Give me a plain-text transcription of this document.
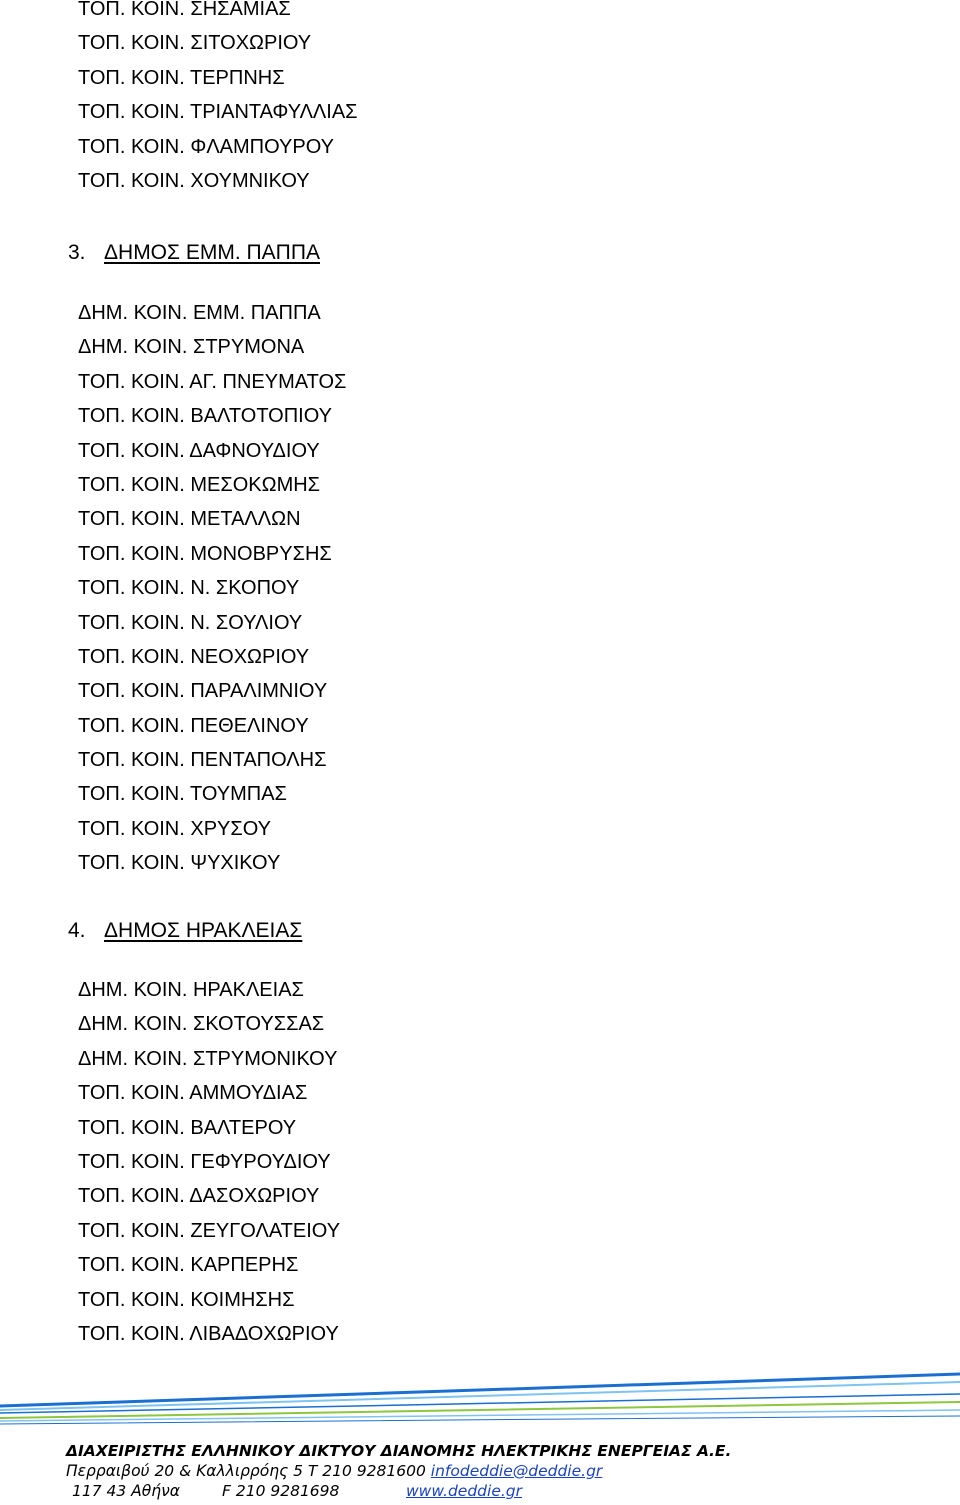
ΤΟΠ. ΚΟΙΝ. ΣΗΣΑΜΙΑΣ
ΤΟΠ. ΚΟΙΝ. ΣΙΤΟΧΩΡΙΟΥ
ΤΟΠ. ΚΟΙΝ. ΤΕΡΠΝΗΣ
ΤΟΠ. ΚΟΙΝ. ΤΡΙΑΝΤΑΦΥΛΛΙΑΣ
ΤΟΠ. ΚΟΙΝ. ΦΛΑΜΠΟΥΡΟΥ
ΤΟΠ. ΚΟΙΝ. ΧΟΥΜΝΙΚΟΥ
3. ΔΗΜΟΣ ΕΜΜ. ΠΑΠΠΑ
ΔΗΜ. ΚΟΙΝ. ΕΜΜ. ΠΑΠΠΑ
ΔΗΜ. ΚΟΙΝ. ΣΤΡΥΜΟΝΑ
ΤΟΠ. ΚΟΙΝ. ΑΓ. ΠΝΕΥΜΑΤΟΣ
ΤΟΠ. ΚΟΙΝ. ΒΑΛΤΟΤΟΠΙΟΥ
ΤΟΠ. ΚΟΙΝ. ΔΑΦΝΟΥΔΙΟΥ
ΤΟΠ. ΚΟΙΝ. ΜΕΣΟΚΩΜΗΣ
ΤΟΠ. ΚΟΙΝ. ΜΕΤΑΛΛΩΝ
ΤΟΠ. ΚΟΙΝ. ΜΟΝΟΒΡΥΣΗΣ
ΤΟΠ. ΚΟΙΝ. Ν. ΣΚΟΠΟΥ
ΤΟΠ. ΚΟΙΝ. Ν. ΣΟΥΛΙΟΥ
ΤΟΠ. ΚΟΙΝ. ΝΕΟΧΩΡΙΟΥ
ΤΟΠ. ΚΟΙΝ. ΠΑΡΑΛΙΜΝΙΟΥ
ΤΟΠ. ΚΟΙΝ. ΠΕΘΕΛΙΝΟΥ
ΤΟΠ. ΚΟΙΝ. ΠΕΝΤΑΠΟΛΗΣ
ΤΟΠ. ΚΟΙΝ. ΤΟΥΜΠΑΣ
ΤΟΠ. ΚΟΙΝ. ΧΡΥΣΟΥ
ΤΟΠ. ΚΟΙΝ. ΨΥΧΙΚΟΥ
4. ΔΗΜΟΣ ΗΡΑΚΛΕΙΑΣ
ΔΗΜ. ΚΟΙΝ. ΗΡΑΚΛΕΙΑΣ
ΔΗΜ. ΚΟΙΝ. ΣΚΟΤΟΥΣΣΑΣ
ΔΗΜ. ΚΟΙΝ. ΣΤΡΥΜΟΝΙΚΟΥ
ΤΟΠ. ΚΟΙΝ. ΑΜΜΟΥΔΙΑΣ
ΤΟΠ. ΚΟΙΝ. ΒΑΛΤΕΡΟΥ
ΤΟΠ. ΚΟΙΝ. ΓΕΦΥΡΟΥΔΙΟΥ
ΤΟΠ. ΚΟΙΝ. ΔΑΣΟΧΩΡΙΟΥ
ΤΟΠ. ΚΟΙΝ. ΖΕΥΓΟΛΑΤΕΙΟΥ
ΤΟΠ. ΚΟΙΝ. ΚΑΡΠΕΡΗΣ
ΤΟΠ. ΚΟΙΝ. ΚΟΙΜΗΣΗΣ
ΤΟΠ. ΚΟΙΝ. ΛΙΒΑΔΟΧΩΡΙΟΥ
ΔΙΑΧΕΙΡΙΣΤΗΣ ΕΛΛΗΝΙΚΟΥ ΔΙΚΤΥΟΥ ΔΙΑΝΟΜΗΣ ΗΛΕΚΤΡΙΚΗΣ ΕΝΕΡΓΕΙΑΣ Α.Ε.
Περραιβού 20 & Καλλιρρόης 5 T 210 9281600 infodeddie@deddie.gr
117 43 Αθήνα	F 210 9281698	www.deddie.gr
